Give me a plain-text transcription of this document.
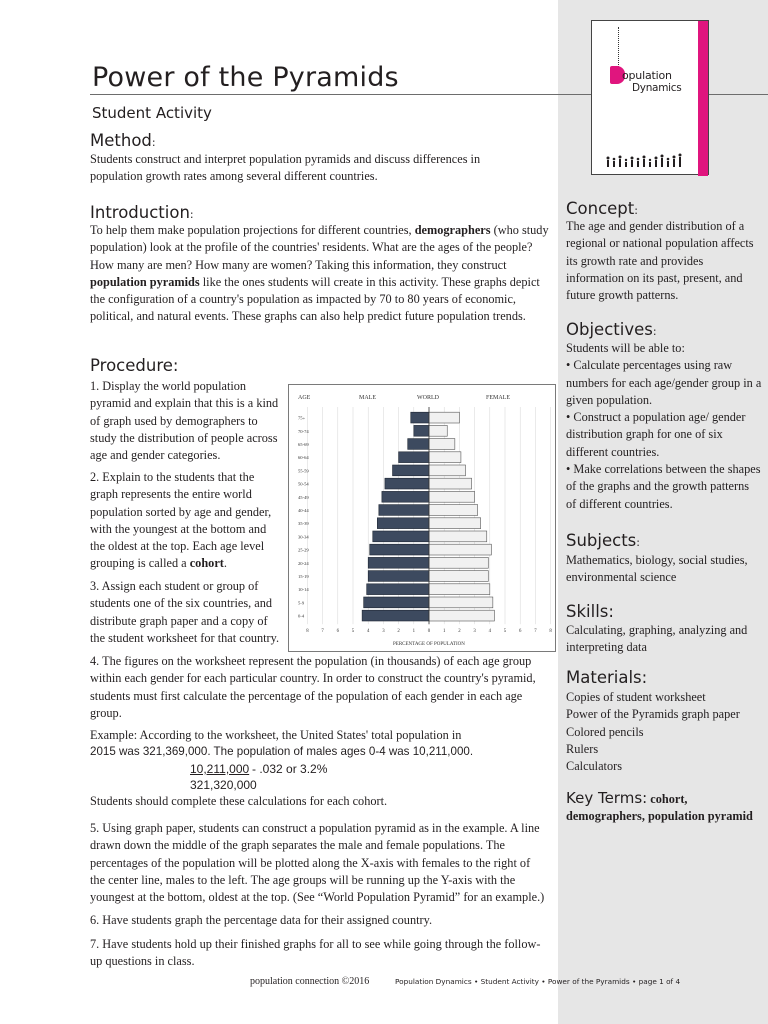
Power of the Pyramids
Student Activity
opulation
Dynamics
Method:
Students construct and interpret population pyramids and discuss differences in population growth rates among several different countries.
Introduction:
To help them make population projections for different countries, demographers (who study population) look at the profile of the countries' residents. What are the ages of the people? How many are men? How many are women? Taking this information, they construct population pyramids like the ones students will create in this activity. These graphs depict the configuration of a country's population as impacted by 70 to 80 years of economic, political, and natural events. These graphs can also help predict future population trends.
Procedure:
1. Display the world population pyramid and explain that this is a kind of graph used by demographers to study the distribution of people across age and gender categories.
2. Explain to the students that the graph represents the entire world population sorted by age and gender, with the youngest at the bottom and the oldest at the top. Each age level grouping is called a cohort.
3. Assign each student or group of students one of the six countries, and distribute graph paper and a copy of the student worksheet for that country.
4. The figures on the worksheet represent the population (in thousands) of each age group within each gender for each particular country. In order to construct the country's pyramid, students must first calculate the percentage of the population of each gender in each age group.
Example: According to the worksheet, the United States' total population in
2015 was 321,369,000. The population of males ages 0-4 was 10,211,000.
10,211,000 - .032 or 3.2%
321,320,000
Students should complete these calculations for each cohort.
5. Using graph paper, students can construct a population pyramid as in the example. A line drawn down the middle of the graph separates the male and female populations. The percentages of the population will be plotted along the X-axis with females to the right of the center line, males to the left. The age groups will be running up the Y-axis with the youngest at the bottom, oldest at the top. (See “World Population Pyramid” for an example.)
6. Have students graph the percentage data for their assigned country.
7. Have students hold up their finished graphs for all to see while going through the follow-up questions in class.
AGE	MALE	WORLD	FEMALE
0-4
5-9
10-14
15-19
20-24
25-29
30-34
35-39
40-44
45-49
50-54
55-59
60-64
65-69
70-74
75+
8	7	6	5	4	3	2	1	0	1	2	3	4	5	6	7	8
PERCENTAGE OF POPULATION
Concept:
The age and gender distribution of a regional or national population affects its growth rate and provides information on its past, present, and future growth patterns.
Objectives:
Students will be able to:
• Calculate percentages using raw numbers for each age/gender group in a given population.
• Construct a population age/ gender distribution graph for one of six different countries.
• Make correlations between the shapes of the graphs and the growth patterns of different countries.
Subjects:
Mathematics, biology, social studies, environmental science
Skills:
Calculating, graphing, analyzing and interpreting data
Materials:
Copies of student worksheet
Power of the Pyramids graph paper
Colored pencils
Rulers
Calculators
Key Terms: cohort, demographers, population pyramid
population connection ©2016	Population Dynamics • Student Activity • Power of the Pyramids • page 1 of 4
